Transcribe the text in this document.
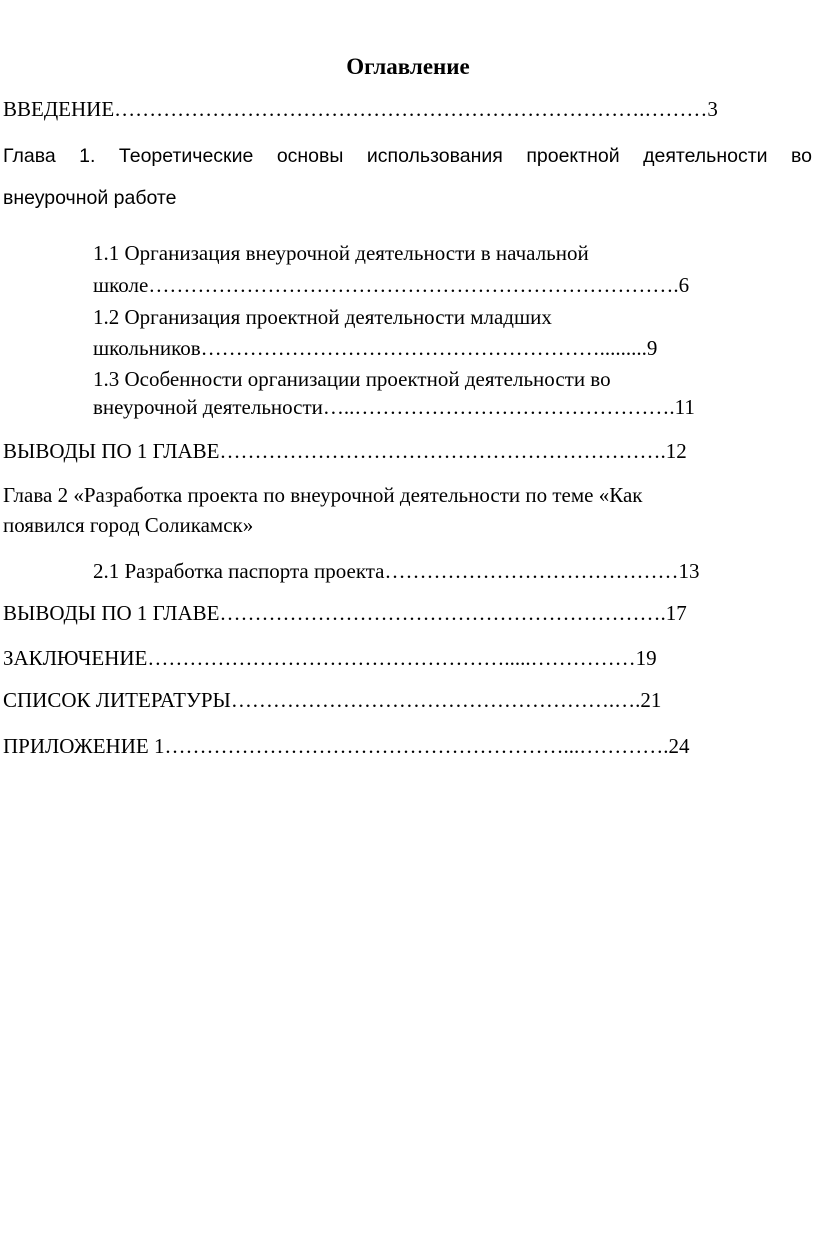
Оглавление
ВВЕДЕНИЕ………………………………………………………………….………3
Глава 1. Теоретические основы использования проектной деятельности во
внеурочной работе
1.1 Организация внеурочной деятельности в начальной
школе………………………………………………………………….6
1.2 Организация проектной деятельности младших
школьников………………………………………………….........9
1.3 Особенности организации проектной деятельности во
внеурочной деятельности…..……………………………………….11
ВЫВОДЫ ПО 1 ГЛАВЕ……………………………………………………….12
Глава 2 «Разработка проекта по внеурочной деятельности по теме «Как
появился город Соликамск»
2.1 Разработка паспорта проекта……………………………………13
ВЫВОДЫ ПО 1 ГЛАВЕ……………………………………………………….17
ЗАКЛЮЧЕНИЕ…………………………………………….....……………19
СПИСОК ЛИТЕРАТУРЫ……………………………………………….….21
ПРИЛОЖЕНИЕ 1…………………………………………………...………….24
